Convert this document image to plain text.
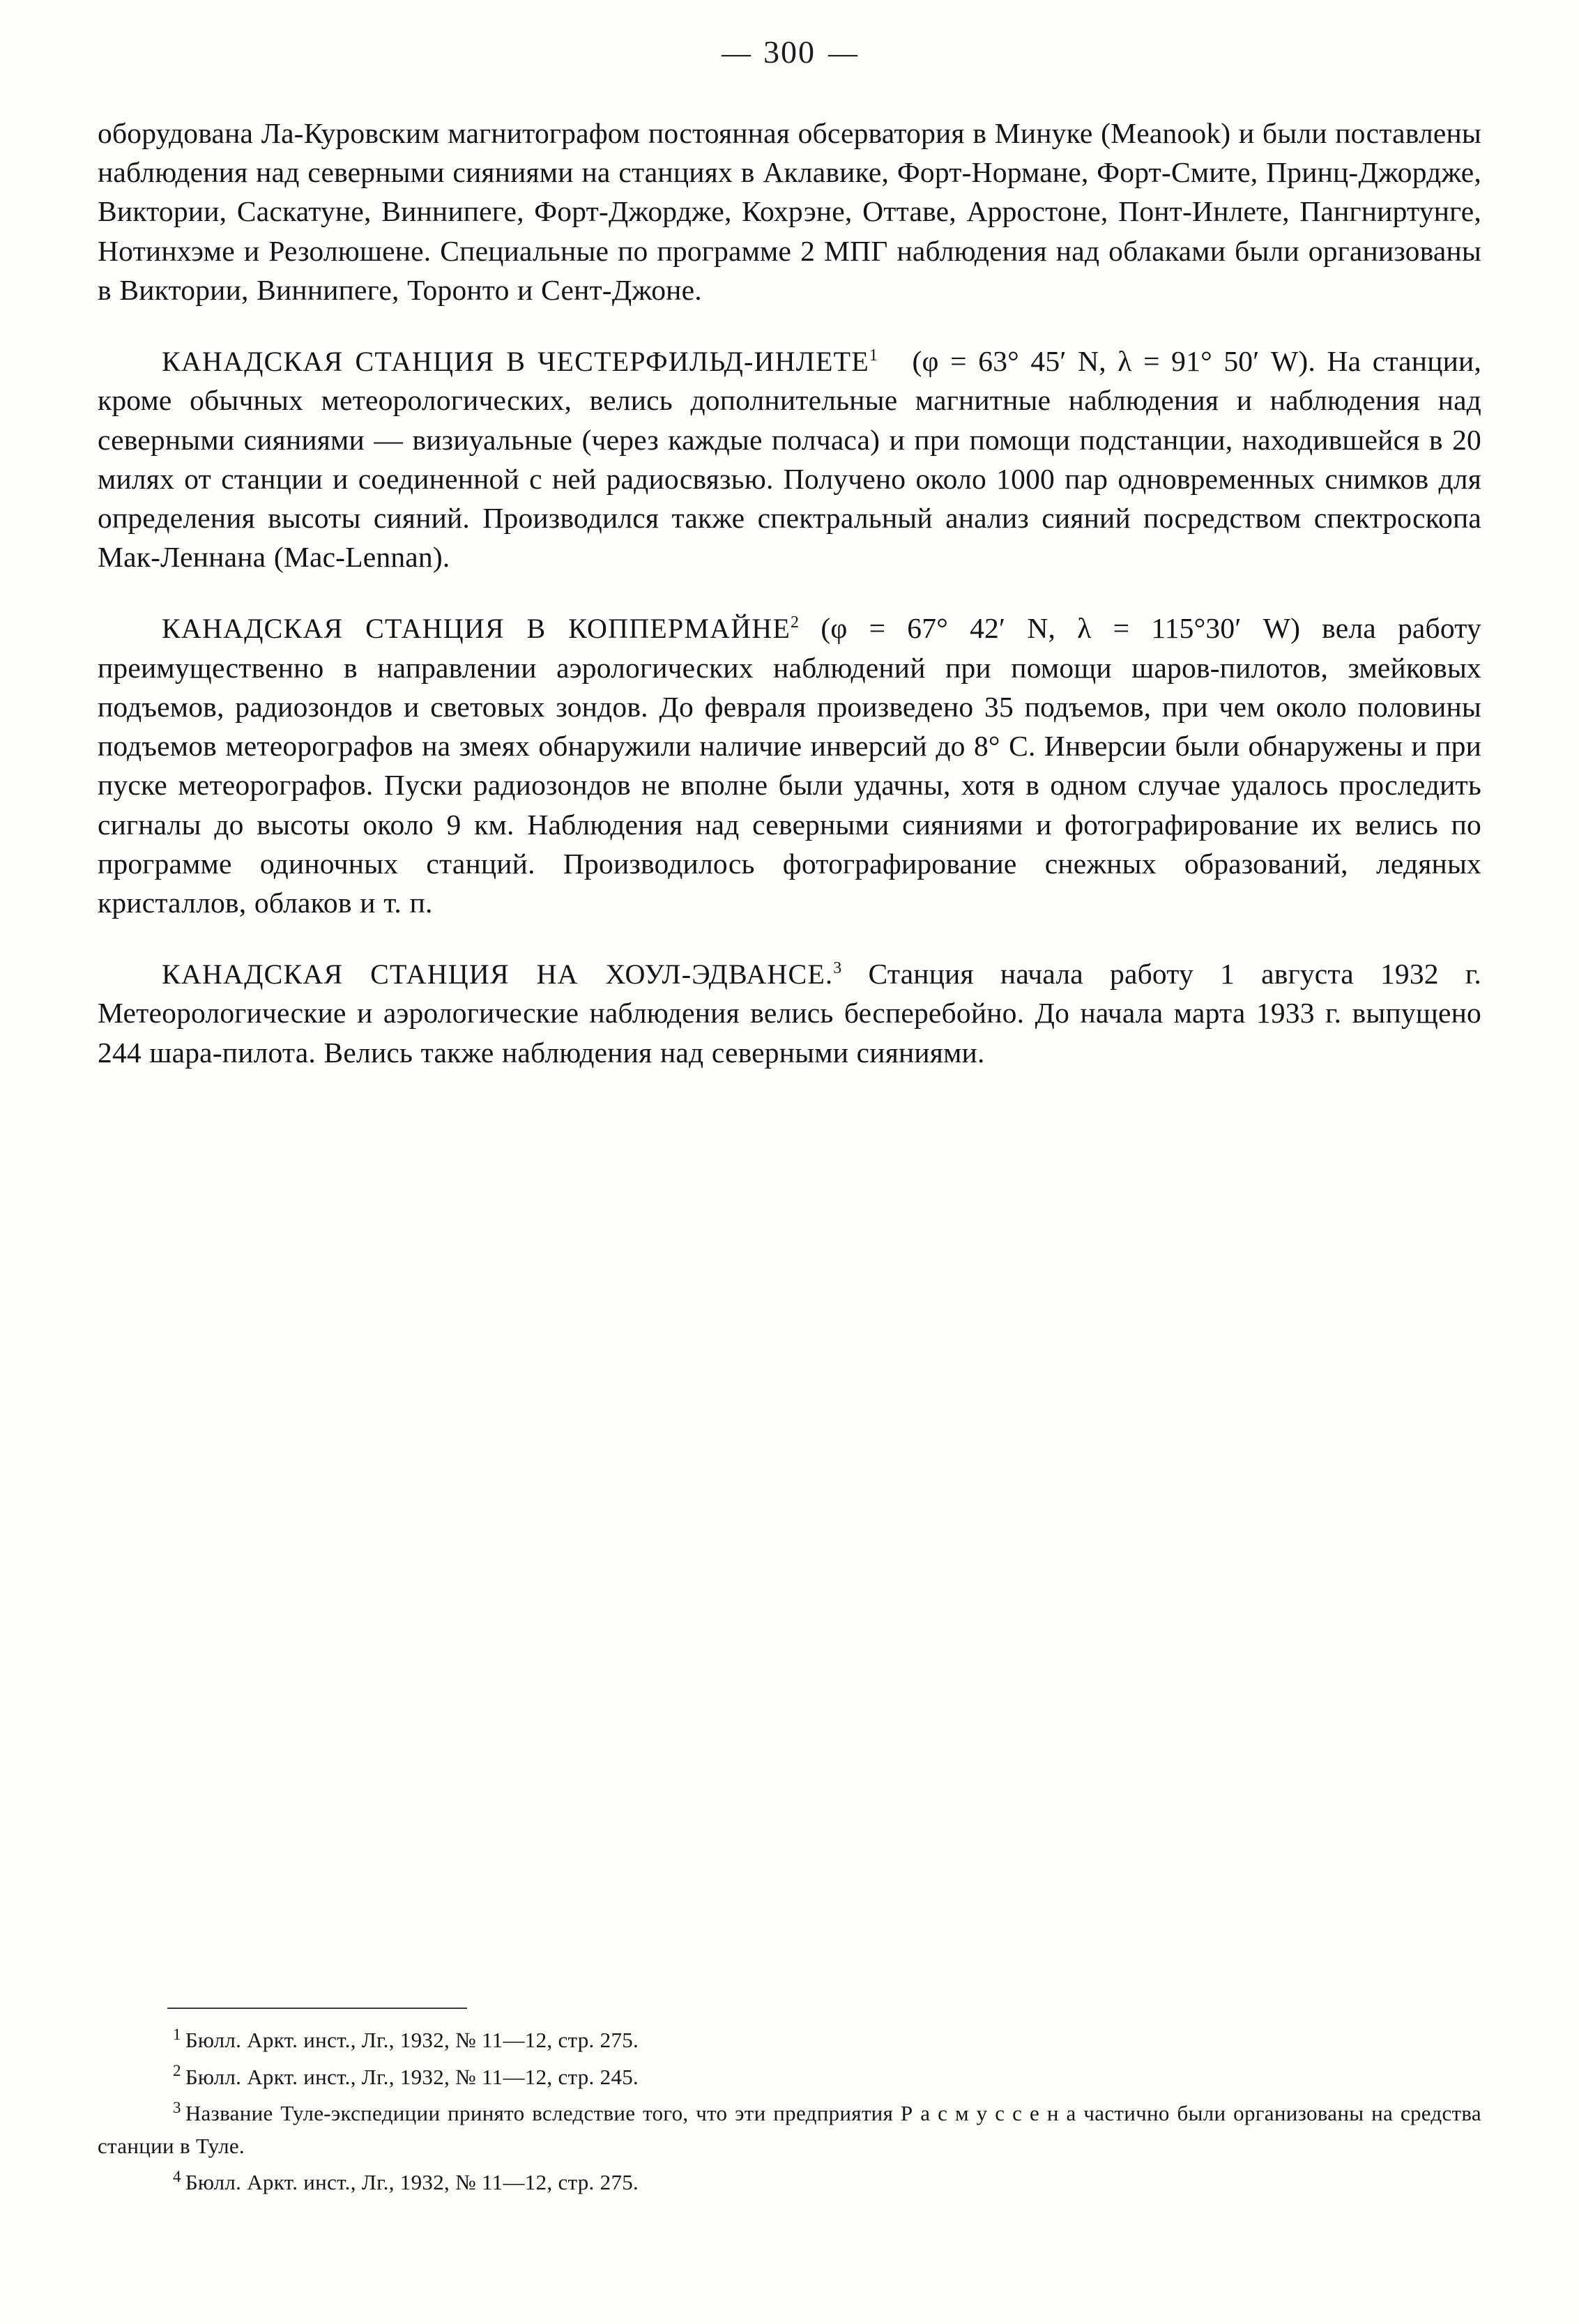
— 300 —

оборудована Ла-Куровским магнитографом постоянная обсерватория в Минуке (Meanook) и были поставлены наблюдения над северными сияниями на станциях в Аклавике, Форт-Нормане, Форт-Смите, Принц-Джордже, Виктории, Саскатуне, Виннипеге, Форт-Джордже, Кохрэне, Оттаве, Арростоне, Понт-Инлете, Пангниртунге, Нотинхэме и Резолюшене. Специальные по программе 2 МПГ наблюдения над облаками были организованы в Виктории, Виннипеге, Торонто и Сент-Джоне.

КАНАДСКАЯ СТАНЦИЯ В ЧЕСТЕРФИЛЬД-ИНЛЕТЕ$^1$ (φ = 63° 45′ N, λ = 91° 50′ W). На станции, кроме обычных метеорологических, велись дополнительные магнитные наблюдения и наблюдения над северными сияниями — визиуальные (через каждые полчаса) и при помощи подстанции, находившейся в 20 милях от станции и соединенной с ней радиосвязью. Получено около 1000 пар одновременных снимков для определения высоты сияний. Производился также спектральный анализ сияний посредством спектроскопа Мак-Леннана (Mac-Lennan).

КАНАДСКАЯ СТАНЦИЯ В КОППЕРМАЙНЕ$^2$ (φ = 67° 42′ N, λ = 115°30′ W) вела работу преимущественно в направлении аэрологических наблюдений при помощи шаров-пилотов, змейковых подъемов, радиозондов и световых зондов. До февраля произведено 35 подъемов, при чем около половины подъемов метеорографов на змеях обнаружили наличие инверсий до 8° С. Инверсии были обнаружены и при пуске метеорографов. Пуски радиозондов не вполне были удачны, хотя в одном случае удалось проследить сигналы до высоты около 9 км. Наблюдения над северными сияниями и фотографирование их велись по программе одиночных станций. Производилось фотографирование снежных образований, ледяных кристаллов, облаков и т. п.

КАНАДСКАЯ СТАНЦИЯ НА ХОУЛ-ЭДВАНСЕ.$^3$ Станция начала работу 1 августа 1932 г. Метеорологические и аэрологические наблюдения велись бесперебойно. До начала марта 1933 г. выпущено 244 шара-пилота. Велись также наблюдения над северными сияниями.

$^1$ Бюлл. Аркт. инст., Лг., 1932, № 11—12, стр. 275.

$^2$ Бюлл. Аркт. инст., Лг., 1932, № 11—12, стр. 245.

$^3$ Название Туле-экспедиции принято вследствие того, что эти предприятия Р а с м у с с е н а частично были организованы на средства станции в Туле.

$^4$ Бюлл. Аркт. инст., Лг., 1932, № 11—12, стр. 275.
